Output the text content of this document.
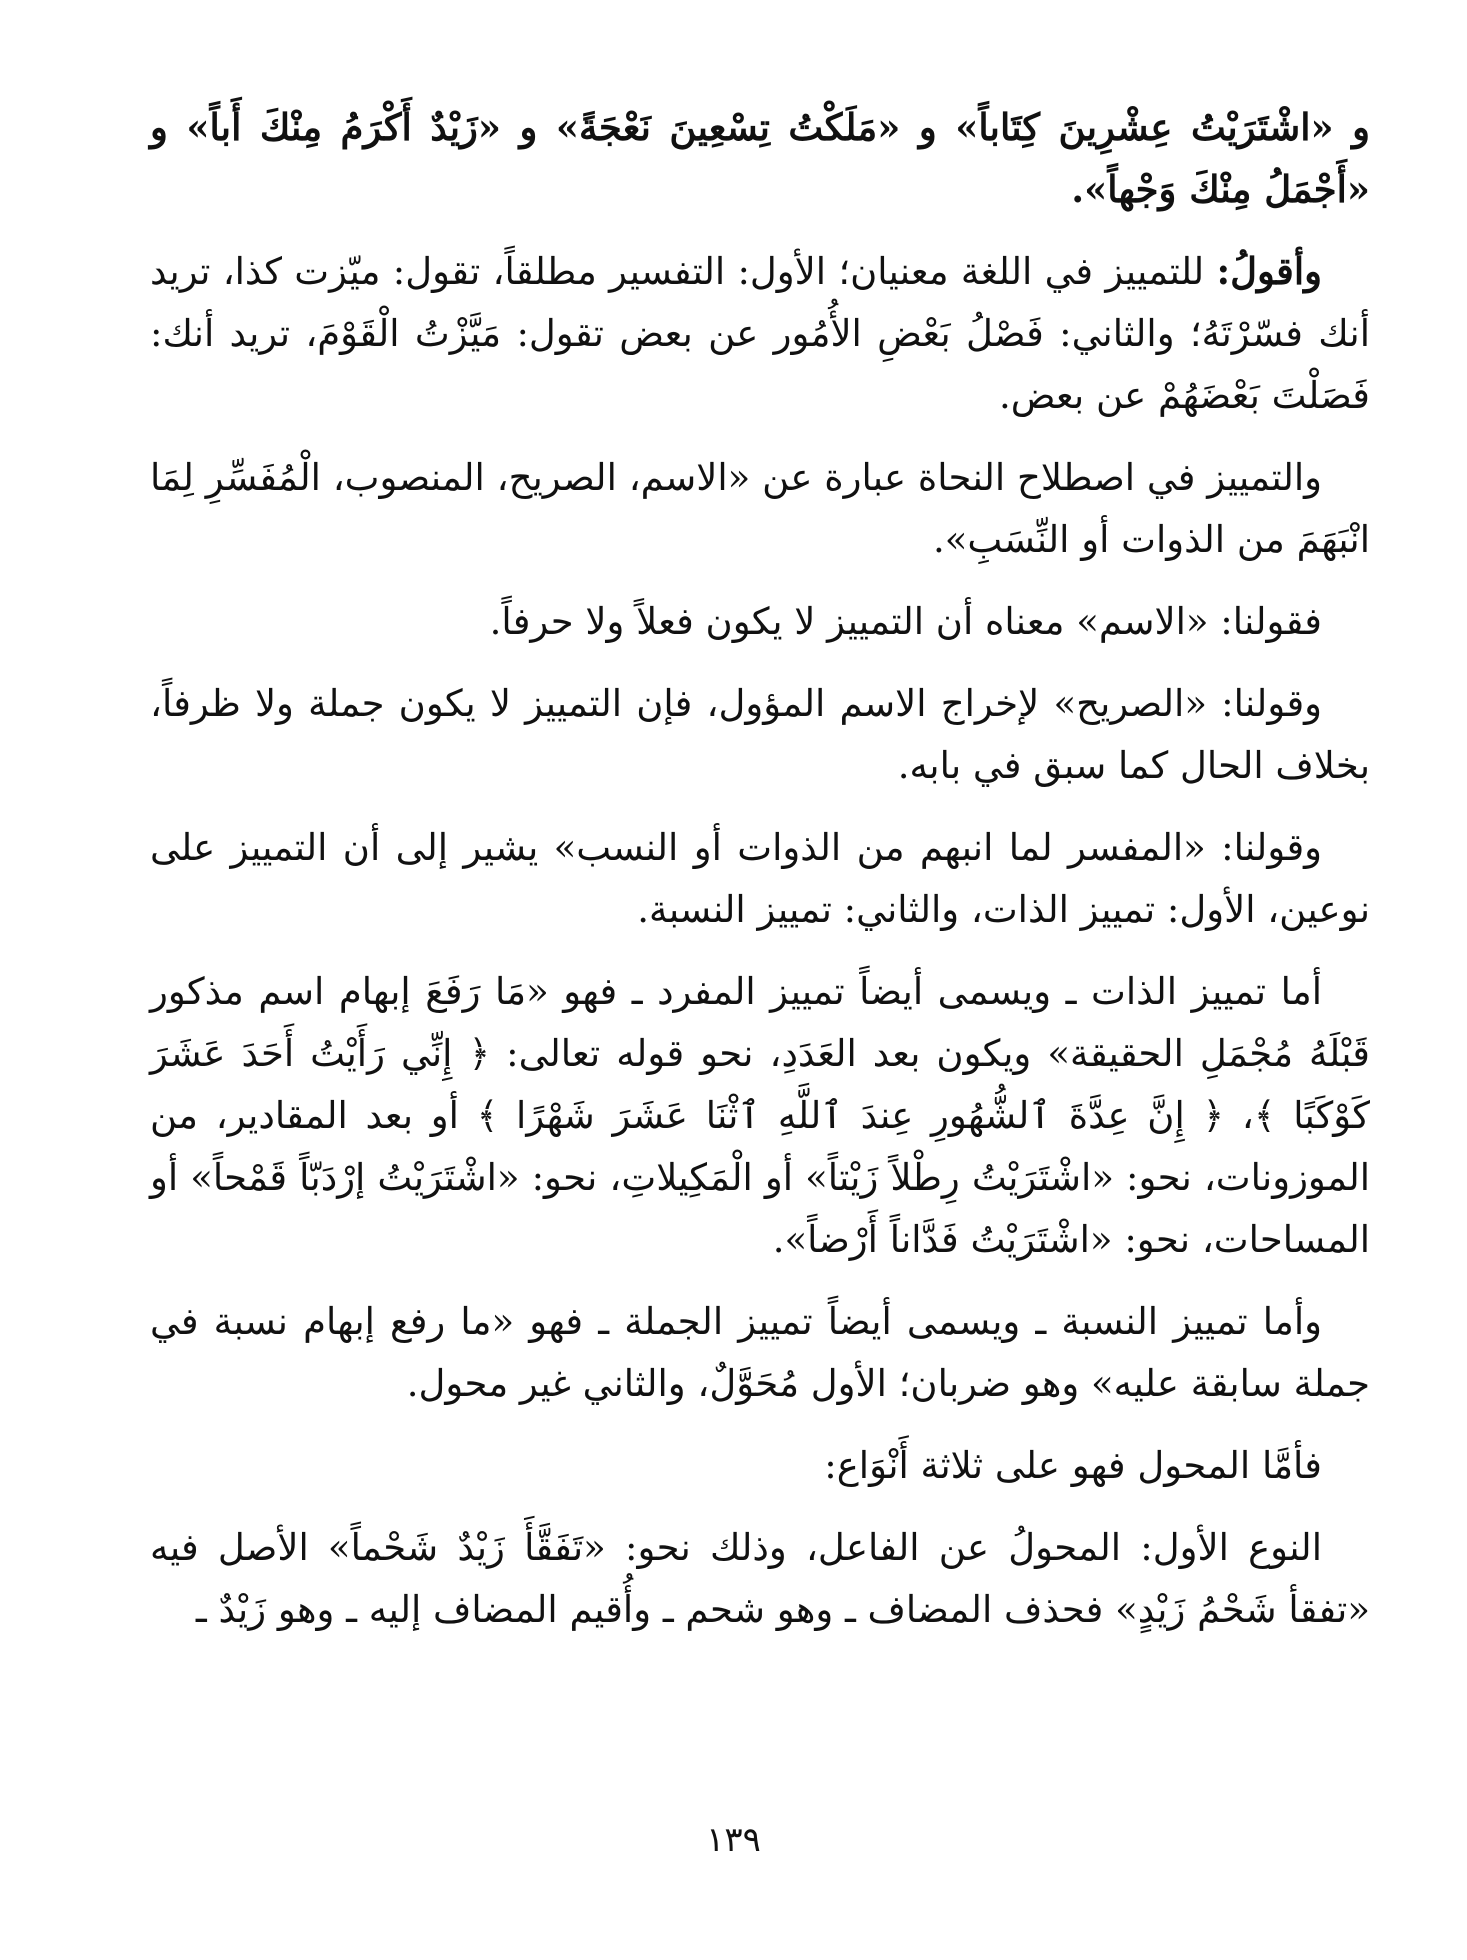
و «اشْتَرَيْتُ عِشْرِينَ كِتَاباً» و «مَلَكْتُ تِسْعِينَ نَعْجَةً» و «زَيْدٌ أَكْرَمُ مِنْكَ أَباً» و «أَجْمَلُ مِنْكَ وَجْهاً».

وأقولُ: للتمييز في اللغة معنيان؛ الأول: التفسير مطلقاً، تقول: ميّزت كذا، تريد أنك فسّرْتَهُ؛ والثاني: فَصْلُ بَعْضِ الأُمُور عن بعض تقول: مَيَّزْتُ الْقَوْمَ، تريد أنك: فَصَلْتَ بَعْضَهُمْ عن بعض.

والتمييز في اصطلاح النحاة عبارة عن «الاسم، الصريح، المنصوب، الْمُفَسِّرِ لِمَا انْبَهَمَ من الذوات أو النِّسَبِ».

فقولنا: «الاسم» معناه أن التمييز لا يكون فعلاً ولا حرفاً.

وقولنا: «الصريح» لإخراج الاسم المؤول، فإن التمييز لا يكون جملة ولا ظرفاً، بخلاف الحال كما سبق في بابه.

وقولنا: «المفسر لما انبهم من الذوات أو النسب» يشير إلى أن التمييز على نوعين، الأول: تمييز الذات، والثاني: تمييز النسبة.

أما تمييز الذات ـ ويسمى أيضاً تمييز المفرد ـ فهو «مَا رَفَعَ إبهام اسم مذكور قَبْلَهُ مُجْمَلِ الحقيقة» ويكون بعد العَدَدِ، نحو قوله تعالى: ﴿ إِنِّي رَأَيْتُ أَحَدَ عَشَرَ كَوْكَبًا ﴾، ﴿ إِنَّ عِدَّةَ ٱلشُّهُورِ عِندَ ٱللَّهِ ٱثْنَا عَشَرَ شَهْرًا ﴾ أو بعد المقادير، من الموزونات، نحو: «اشْتَرَيْتُ رِطْلاً زَيْتاً» أو الْمَكِيلاتِ، نحو: «اشْتَرَيْتُ إرْدَبّاً قَمْحاً» أو المساحات، نحو: «اشْتَرَيْتُ فَدَّاناً أَرْضاً».

وأما تمييز النسبة ـ ويسمى أيضاً تمييز الجملة ـ فهو «ما رفع إبهام نسبة في جملة سابقة عليه» وهو ضربان؛ الأول مُحَوَّلٌ، والثاني غير محول.

فأمَّا المحول فهو على ثلاثة أَنْوَاع:

النوع الأول: المحولُ عن الفاعل، وذلك نحو: «تَفَقَّأَ زَيْدٌ شَحْماً» الأصل فيه «تفقأ شَحْمُ زَيْدٍ» فحذف المضاف ـ وهو شحم ـ وأُقيم المضاف إليه ـ وهو زَيْدٌ ـ

١٣٩
